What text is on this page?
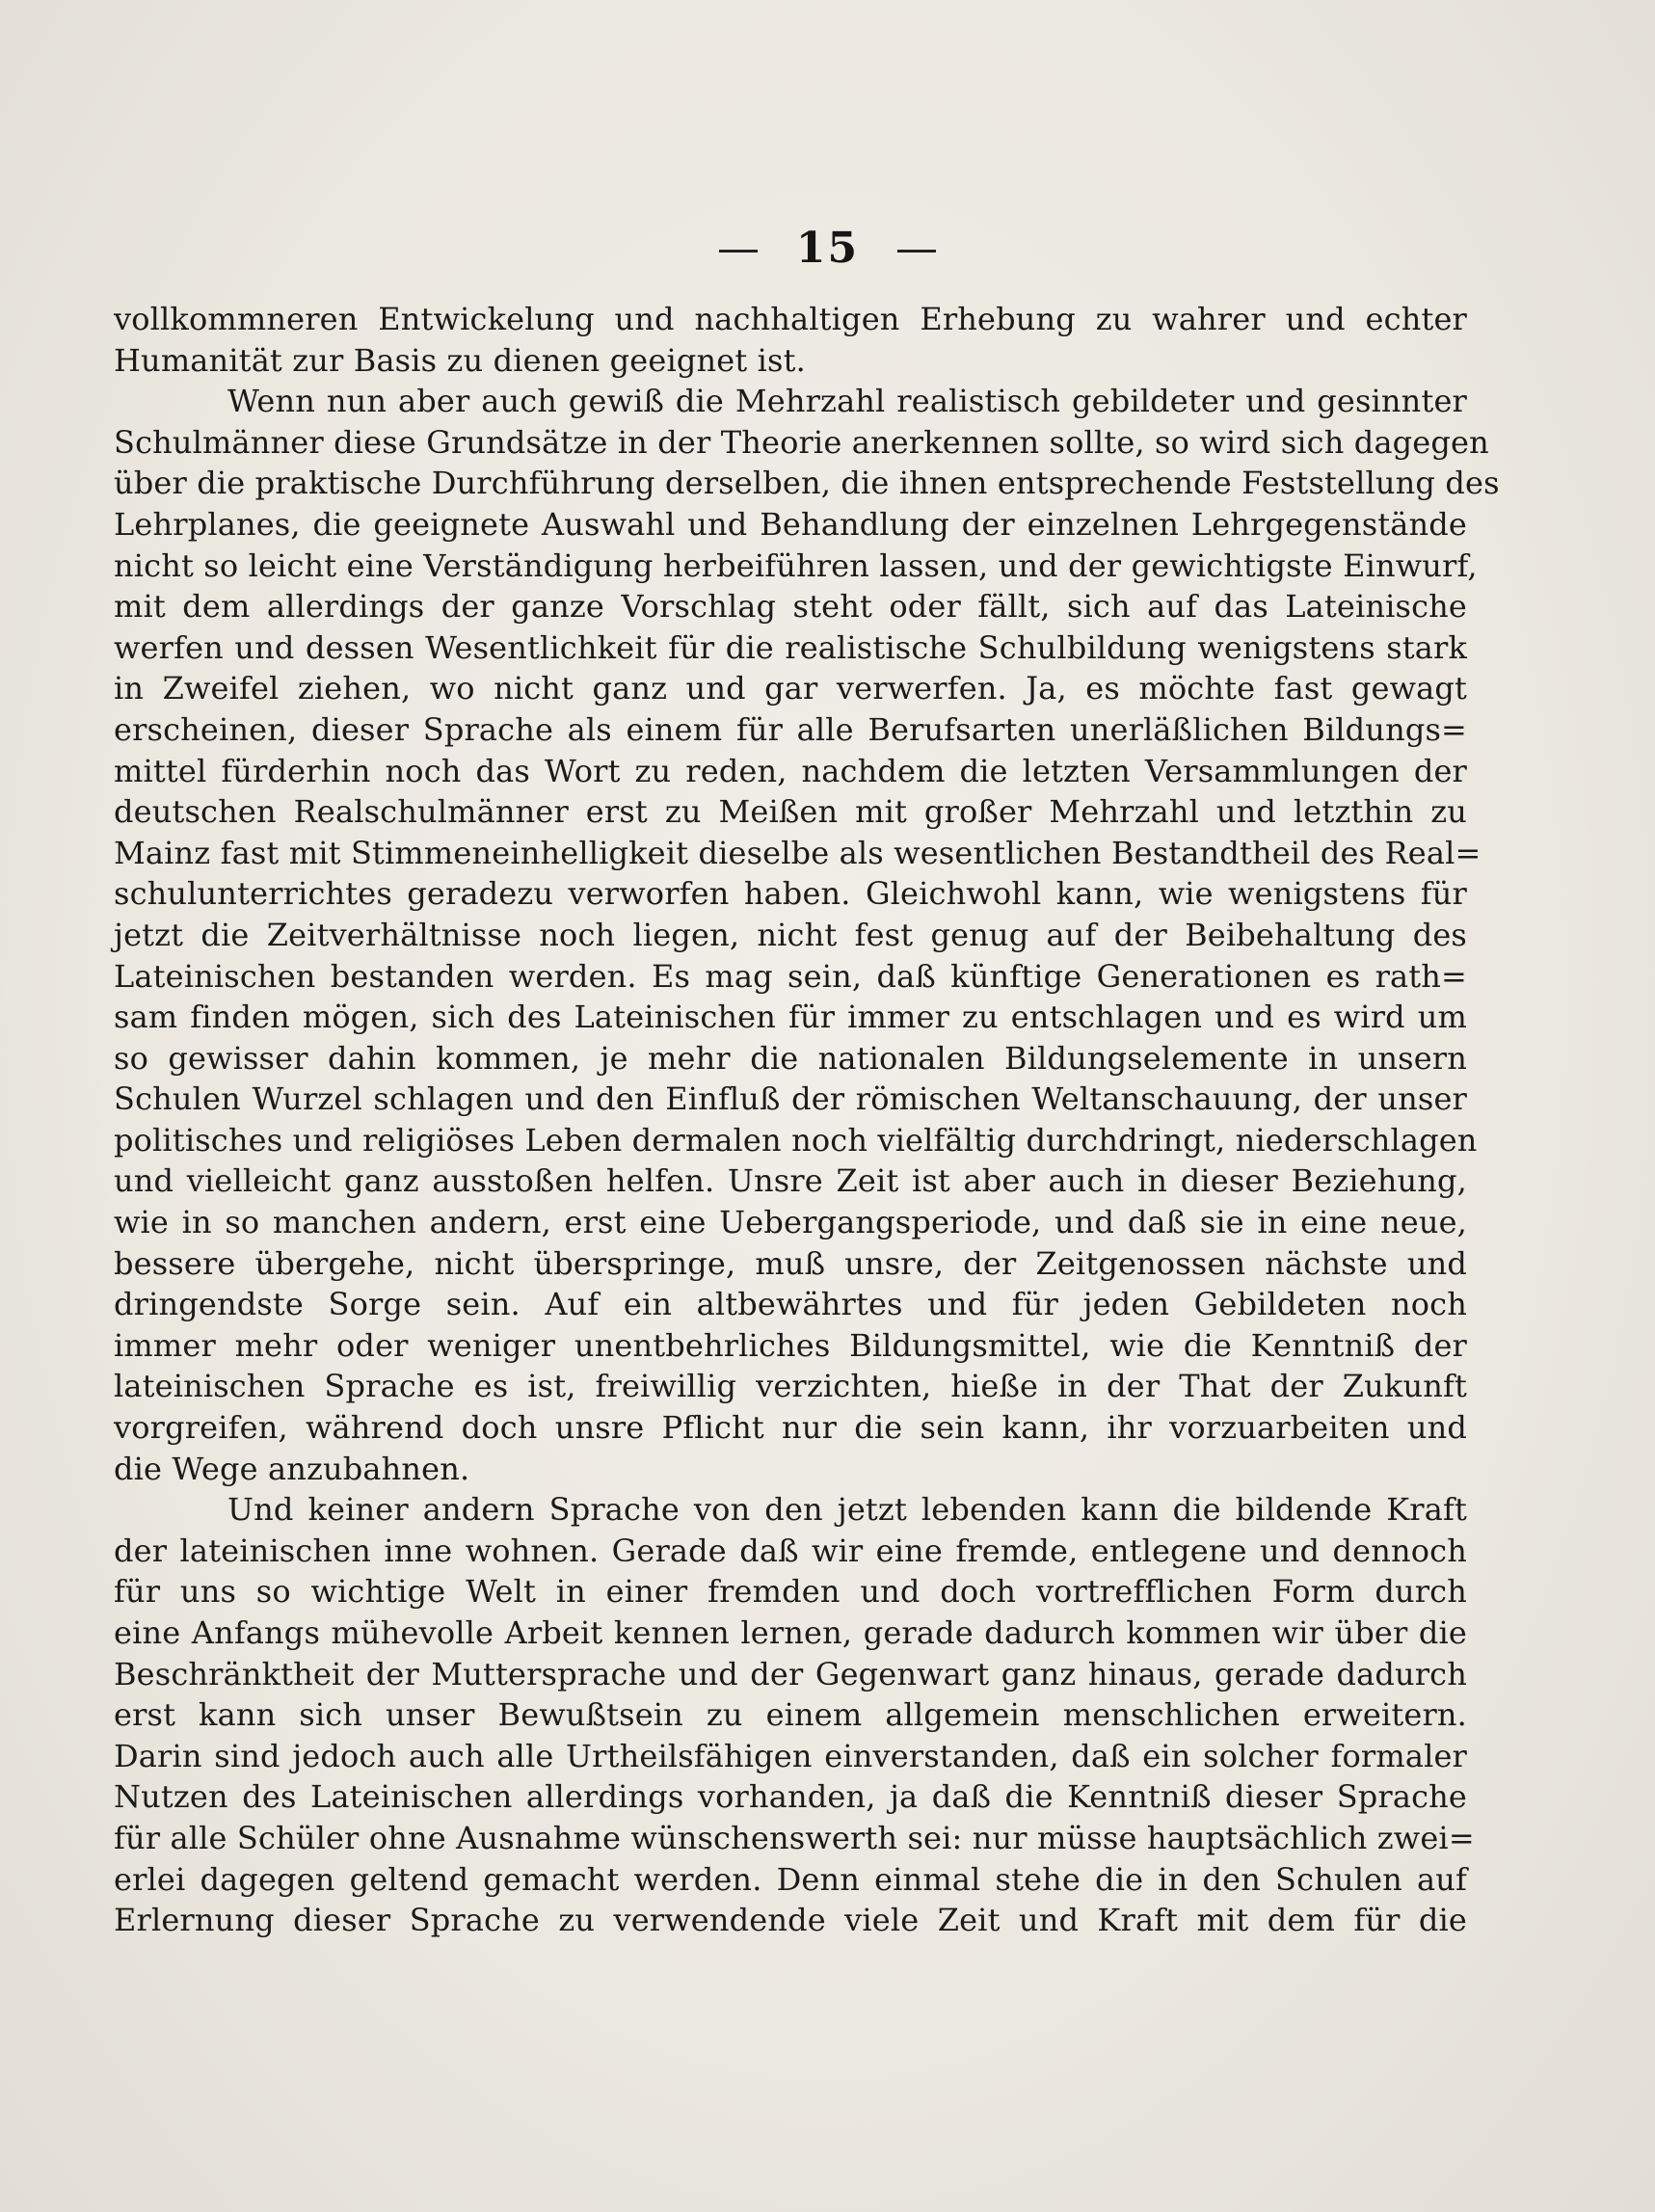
15
vollkommneren Entwickelung und nachhaltigen Erhebung zu wahrer und echter
Humanität zur Basis zu dienen geeignet ist.
Wenn nun aber auch gewiß die Mehrzahl realistisch gebildeter und gesinnter
Schulmänner diese Grundsätze in der Theorie anerkennen sollte, so wird sich dagegen
über die praktische Durchführung derselben, die ihnen entsprechende Feststellung des
Lehrplanes, die geeignete Auswahl und Behandlung der einzelnen Lehrgegenstände
nicht so leicht eine Verständigung herbeiführen lassen, und der gewichtigste Einwurf,
mit dem allerdings der ganze Vorschlag steht oder fällt, sich auf das Lateinische
werfen und dessen Wesentlichkeit für die realistische Schulbildung wenigstens stark
in Zweifel ziehen, wo nicht ganz und gar verwerfen. Ja, es möchte fast gewagt
erscheinen, dieser Sprache als einem für alle Berufsarten unerläßlichen Bildungs=
mittel fürderhin noch das Wort zu reden, nachdem die letzten Versammlungen der
deutschen Realschulmänner erst zu Meißen mit großer Mehrzahl und letzthin zu
Mainz fast mit Stimmeneinhelligkeit dieselbe als wesentlichen Bestandtheil des Real=
schulunterrichtes geradezu verworfen haben. Gleichwohl kann, wie wenigstens für
jetzt die Zeitverhältnisse noch liegen, nicht fest genug auf der Beibehaltung des
Lateinischen bestanden werden. Es mag sein, daß künftige Generationen es rath=
sam finden mögen, sich des Lateinischen für immer zu entschlagen und es wird um
so gewisser dahin kommen, je mehr die nationalen Bildungselemente in unsern
Schulen Wurzel schlagen und den Einfluß der römischen Weltanschauung, der unser
politisches und religiöses Leben dermalen noch vielfältig durchdringt, niederschlagen
und vielleicht ganz ausstoßen helfen. Unsre Zeit ist aber auch in dieser Beziehung,
wie in so manchen andern, erst eine Uebergangsperiode, und daß sie in eine neue,
bessere übergehe, nicht überspringe, muß unsre, der Zeitgenossen nächste und
dringendste Sorge sein. Auf ein altbewährtes und für jeden Gebildeten noch
immer mehr oder weniger unentbehrliches Bildungsmittel, wie die Kenntniß der
lateinischen Sprache es ist, freiwillig verzichten, hieße in der That der Zukunft
vorgreifen, während doch unsre Pflicht nur die sein kann, ihr vorzuarbeiten und
die Wege anzubahnen.
Und keiner andern Sprache von den jetzt lebenden kann die bildende Kraft
der lateinischen inne wohnen. Gerade daß wir eine fremde, entlegene und dennoch
für uns so wichtige Welt in einer fremden und doch vortrefflichen Form durch
eine Anfangs mühevolle Arbeit kennen lernen, gerade dadurch kommen wir über die
Beschränktheit der Muttersprache und der Gegenwart ganz hinaus, gerade dadurch
erst kann sich unser Bewußtsein zu einem allgemein menschlichen erweitern.
Darin sind jedoch auch alle Urtheilsfähigen einverstanden, daß ein solcher formaler
Nutzen des Lateinischen allerdings vorhanden, ja daß die Kenntniß dieser Sprache
für alle Schüler ohne Ausnahme wünschenswerth sei: nur müsse hauptsächlich zwei=
erlei dagegen geltend gemacht werden. Denn einmal stehe die in den Schulen auf
Erlernung dieser Sprache zu verwendende viele Zeit und Kraft mit dem für die
